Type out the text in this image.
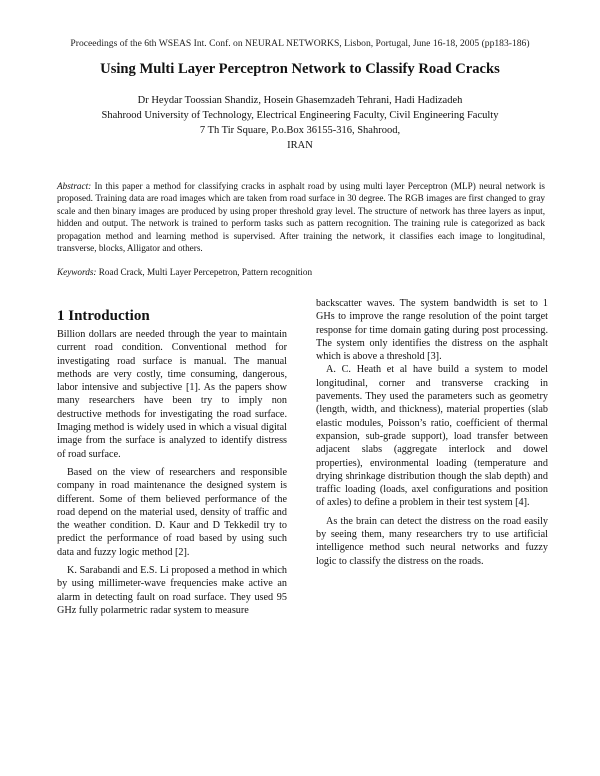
Proceedings of the 6th WSEAS Int. Conf. on NEURAL NETWORKS, Lisbon, Portugal, June 16-18, 2005 (pp183-186)
Using Multi Layer Perceptron Network to Classify Road Cracks
Dr Heydar Toossian Shandiz, Hosein Ghasemzadeh Tehrani, Hadi Hadizadeh
Shahrood University of Technology, Electrical Engineering Faculty, Civil Engineering Faculty
7 Th Tir Square, P.o.Box 36155-316, Shahrood,
IRAN
Abstract: In this paper a method for classifying cracks in asphalt road by using multi layer Perceptron (MLP) neural network is proposed. Training data are road images which are taken from road surface in 30 degree. The RGB images are first changed to gray scale and then binary images are produced by using proper threshold gray level. The structure of network has three layers as input, hidden and output. The network is trained to perform tasks such as pattern recognition. The training rule is categorized as back propagation method and learning method is supervised. After training the network, it classifies each image to longitudinal, transverse, blocks, Alligator and others.
Keywords: Road Crack, Multi Layer Percepetron, Pattern recognition
1 Introduction

Billion dollars are needed through the year to maintain current road condition. Conventional method for investigating road surface is manual. The manual methods are very costly, time consuming, dangerous, labor intensive and subjective [1]. As the papers show many researchers have been try to imply non destructive methods for investigating the road surface. Imaging method is widely used in which a visual digital image from the surface is analyzed to identify distress of road surface.

Based on the view of researchers and responsible company in road maintenance the designed system is different. Some of them believed performance of the road depend on the material used, density of traffic and the weather condition. D. Kaur and D Tekkedil try to predict the performance of road based by using such data and fuzzy logic method [2].

K. Sarabandi and E.S. Li proposed a method in which by using millimeter-wave frequencies make active an alarm in detecting fault on road surface. They used 95 GHz fully polarmetric radar system to measure

backscatter waves. The system bandwidth is set to 1 GHs to improve the range resolution of the point target response for time domain gating during post processing. The system only identifies the distress on the asphalt which is above a threshold [3].

A. C. Heath et al have build a system to model longitudinal, corner and transverse cracking in pavements. They used the parameters such as geometry (length, width, and thickness), material properties (slab elastic modules, Poisson’s ratio, coefficient of thermal expansion, sub-grade support), load transfer between adjacent slabs (aggregate interlock and dowel properties), environmental loading (temperature and drying shrinkage distribution though the slab depth) and traffic loading (loads, axel configurations and position of axles) to define a problem in their test system [4].

As the brain can detect the distress on the road easily by seeing them, many researchers try to use artificial intelligence method such neural networks and fuzzy logic to classify the distress on the roads.
